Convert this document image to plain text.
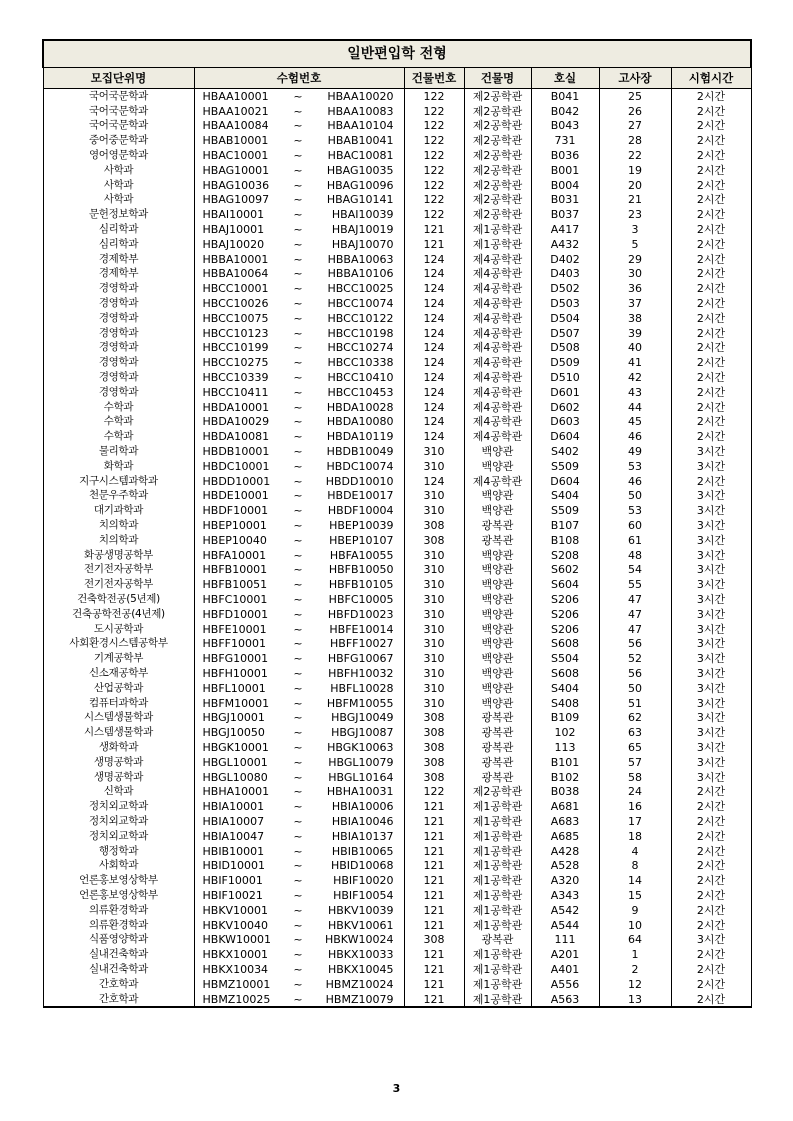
일반편입학 전형								
모집단위명	수험번호			건물번호	건물명	호실	고사장	시험시간
국어국문학과	HBAA10001	~	HBAA10020	122	제2공학관	B041	25	2시간
국어국문학과	HBAA10021	~	HBAA10083	122	제2공학관	B042	26	2시간
국어국문학과	HBAA10084	~	HBAA10104	122	제2공학관	B043	27	2시간
중어중문학과	HBAB10001	~	HBAB10041	122	제2공학관	731	28	2시간
영어영문학과	HBAC10001	~	HBAC10081	122	제2공학관	B036	22	2시간
사학과	HBAG10001	~	HBAG10035	122	제2공학관	B001	19	2시간
사학과	HBAG10036	~	HBAG10096	122	제2공학관	B004	20	2시간
사학과	HBAG10097	~	HBAG10141	122	제2공학관	B031	21	2시간
문헌정보학과	HBAI10001	~	HBAI10039	122	제2공학관	B037	23	2시간
심리학과	HBAJ10001	~	HBAJ10019	121	제1공학관	A417	3	2시간
심리학과	HBAJ10020	~	HBAJ10070	121	제1공학관	A432	5	2시간
경제학부	HBBA10001	~	HBBA10063	124	제4공학관	D402	29	2시간
경제학부	HBBA10064	~	HBBA10106	124	제4공학관	D403	30	2시간
경영학과	HBCC10001	~	HBCC10025	124	제4공학관	D502	36	2시간
경영학과	HBCC10026	~	HBCC10074	124	제4공학관	D503	37	2시간
경영학과	HBCC10075	~	HBCC10122	124	제4공학관	D504	38	2시간
경영학과	HBCC10123	~	HBCC10198	124	제4공학관	D507	39	2시간
경영학과	HBCC10199	~	HBCC10274	124	제4공학관	D508	40	2시간
경영학과	HBCC10275	~	HBCC10338	124	제4공학관	D509	41	2시간
경영학과	HBCC10339	~	HBCC10410	124	제4공학관	D510	42	2시간
경영학과	HBCC10411	~	HBCC10453	124	제4공학관	D601	43	2시간
수학과	HBDA10001	~	HBDA10028	124	제4공학관	D602	44	2시간
수학과	HBDA10029	~	HBDA10080	124	제4공학관	D603	45	2시간
수학과	HBDA10081	~	HBDA10119	124	제4공학관	D604	46	2시간
물리학과	HBDB10001	~	HBDB10049	310	백양관	S402	49	3시간
화학과	HBDC10001	~	HBDC10074	310	백양관	S509	53	3시간
지구시스템과학과	HBDD10001	~	HBDD10010	124	제4공학관	D604	46	2시간
천문우주학과	HBDE10001	~	HBDE10017	310	백양관	S404	50	3시간
대기과학과	HBDF10001	~	HBDF10004	310	백양관	S509	53	3시간
치의학과	HBEP10001	~	HBEP10039	308	광복관	B107	60	3시간
치의학과	HBEP10040	~	HBEP10107	308	광복관	B108	61	3시간
화공생명공학부	HBFA10001	~	HBFA10055	310	백양관	S208	48	3시간
전기전자공학부	HBFB10001	~	HBFB10050	310	백양관	S602	54	3시간
전기전자공학부	HBFB10051	~	HBFB10105	310	백양관	S604	55	3시간
건축학전공(5년제)	HBFC10001	~	HBFC10005	310	백양관	S206	47	3시간
건축공학전공(4년제)	HBFD10001	~	HBFD10023	310	백양관	S206	47	3시간
도시공학과	HBFE10001	~	HBFE10014	310	백양관	S206	47	3시간
사회환경시스템공학부	HBFF10001	~	HBFF10027	310	백양관	S608	56	3시간
기계공학부	HBFG10001	~	HBFG10067	310	백양관	S504	52	3시간
신소재공학부	HBFH10001	~	HBFH10032	310	백양관	S608	56	3시간
산업공학과	HBFL10001	~	HBFL10028	310	백양관	S404	50	3시간
컴퓨터과학과	HBFM10001	~	HBFM10055	310	백양관	S408	51	3시간
시스템생물학과	HBGJ10001	~	HBGJ10049	308	광복관	B109	62	3시간
시스템생물학과	HBGJ10050	~	HBGJ10087	308	광복관	102	63	3시간
생화학과	HBGK10001	~	HBGK10063	308	광복관	113	65	3시간
생명공학과	HBGL10001	~	HBGL10079	308	광복관	B101	57	3시간
생명공학과	HBGL10080	~	HBGL10164	308	광복관	B102	58	3시간
신학과	HBHA10001	~	HBHA10031	122	제2공학관	B038	24	2시간
정치외교학과	HBIA10001	~	HBIA10006	121	제1공학관	A681	16	2시간
정치외교학과	HBIA10007	~	HBIA10046	121	제1공학관	A683	17	2시간
정치외교학과	HBIA10047	~	HBIA10137	121	제1공학관	A685	18	2시간
행정학과	HBIB10001	~	HBIB10065	121	제1공학관	A428	4	2시간
사회학과	HBID10001	~	HBID10068	121	제1공학관	A528	8	2시간
언론홍보영상학부	HBIF10001	~	HBIF10020	121	제1공학관	A320	14	2시간
언론홍보영상학부	HBIF10021	~	HBIF10054	121	제1공학관	A343	15	2시간
의류환경학과	HBKV10001	~	HBKV10039	121	제1공학관	A542	9	2시간
의류환경학과	HBKV10040	~	HBKV10061	121	제1공학관	A544	10	2시간
식품영양학과	HBKW10001	~	HBKW10024	308	광복관	111	64	3시간
실내건축학과	HBKX10001	~	HBKX10033	121	제1공학관	A201	1	2시간
실내건축학과	HBKX10034	~	HBKX10045	121	제1공학관	A401	2	2시간
간호학과	HBMZ10001	~	HBMZ10024	121	제1공학관	A556	12	2시간
간호학과	HBMZ10025	~	HBMZ10079	121	제1공학관	A563	13	2시간
3
